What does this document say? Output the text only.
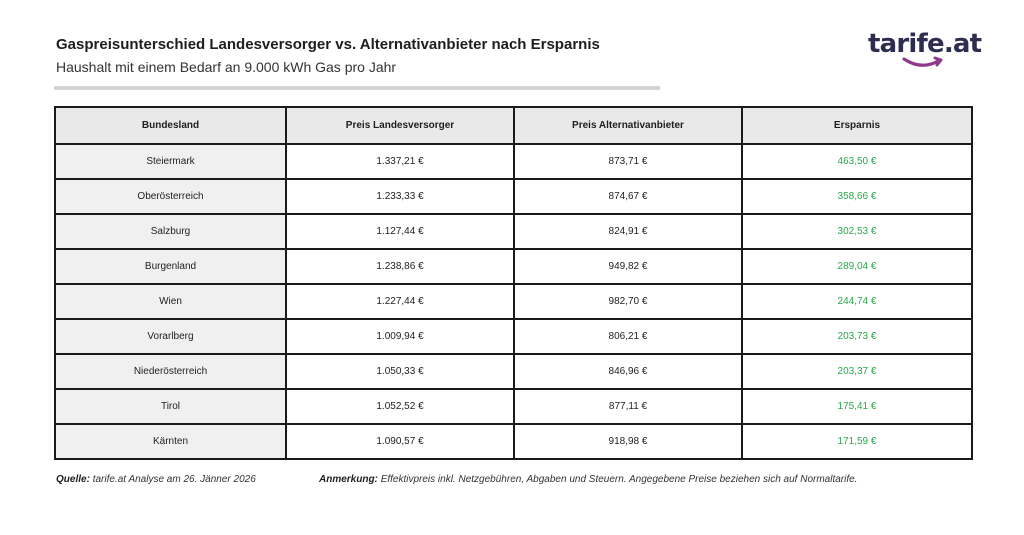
Gaspreisunterschied Landesversorger vs. Alternativanbieter nach Ersparnis
Haushalt mit einem Bedarf an 9.000 kWh Gas pro Jahr
tarife.at
Bundesland	Preis Landesversorger	Preis Alternativanbieter	Ersparnis
Steiermark	1.337,21 €	873,71 €	463,50 €
Oberösterreich	1.233,33 €	874,67 €	358,66 €
Salzburg	1.127,44 €	824,91 €	302,53 €
Burgenland	1.238,86 €	949,82 €	289,04 €
Wien	1.227,44 €	982,70 €	244,74 €
Vorarlberg	1.009,94 €	806,21 €	203,73 €
Niederösterreich	1.050,33 €	846,96 €	203,37 €
Tirol	1.052,52 €	877,11 €	175,41 €
Kärnten	1.090,57 €	918,98 €	171,59 €
Quelle: tarife.at Analyse am 26. Jänner 2026	Anmerkung: Effektivpreis inkl. Netzgebühren, Abgaben und Steuern. Angegebene Preise beziehen sich auf Normaltarife.
